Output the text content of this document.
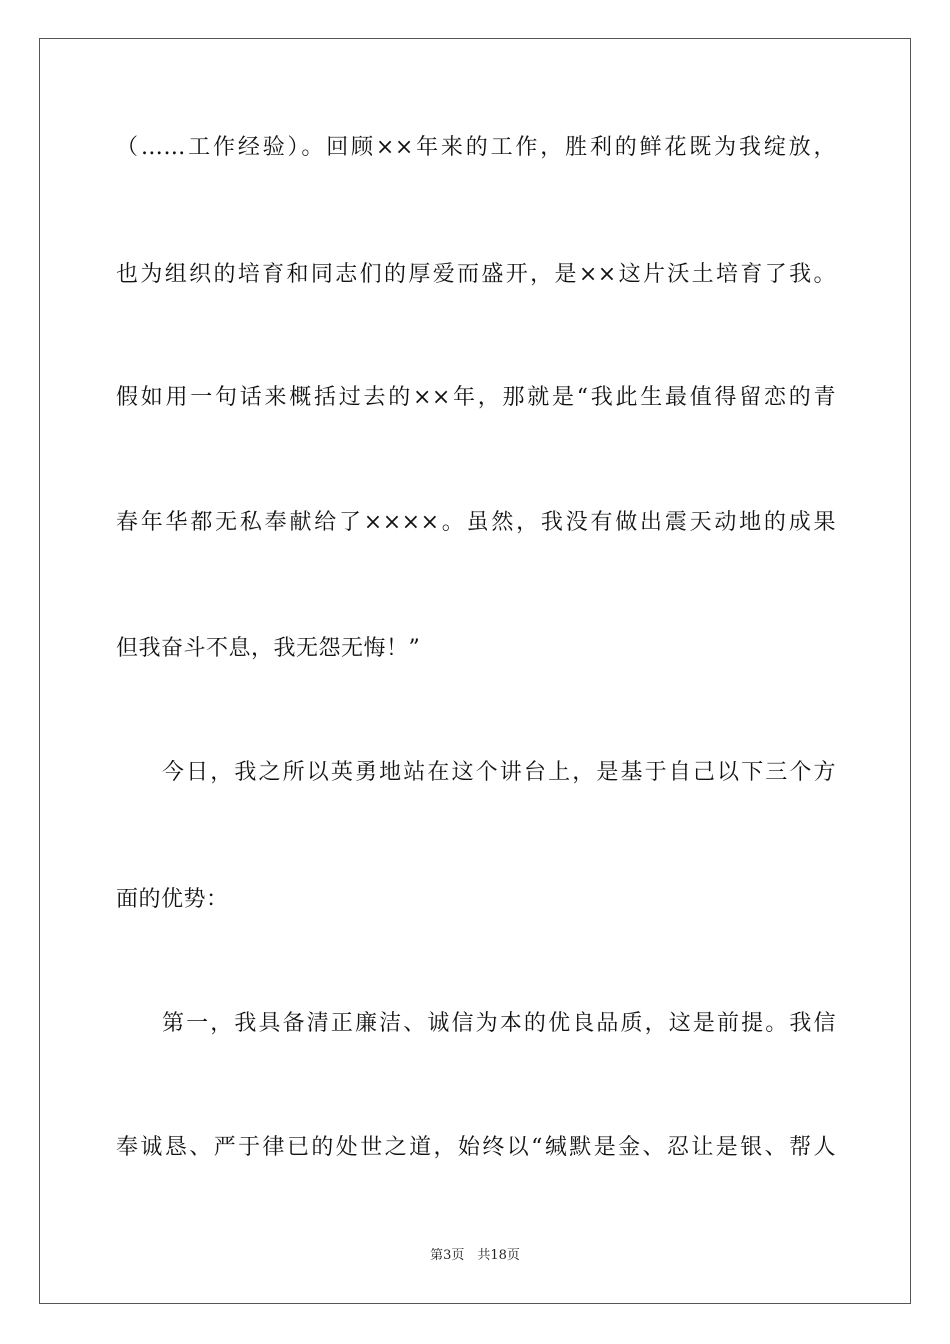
（……工作经验）。回顾××年来的工作，胜利的鲜花既为我绽放，
也为组织的培育和同志们的厚爱而盛开，是××这片沃土培育了我。
假如用一句话来概括过去的××年，那就是“我此生最值得留恋的青
春年华都无私奉献给了××××。虽然，我没有做出震天动地的成果
但我奋斗不息，我无怨无悔！”
今日，我之所以英勇地站在这个讲台上，是基于自己以下三个方
面的优势：
第一，我具备清正廉洁、诚信为本的优良品质，这是前提。我信
奉诚恳、严于律已的处世之道，始终以“缄默是金、忍让是银、帮人
第3页　共18页
